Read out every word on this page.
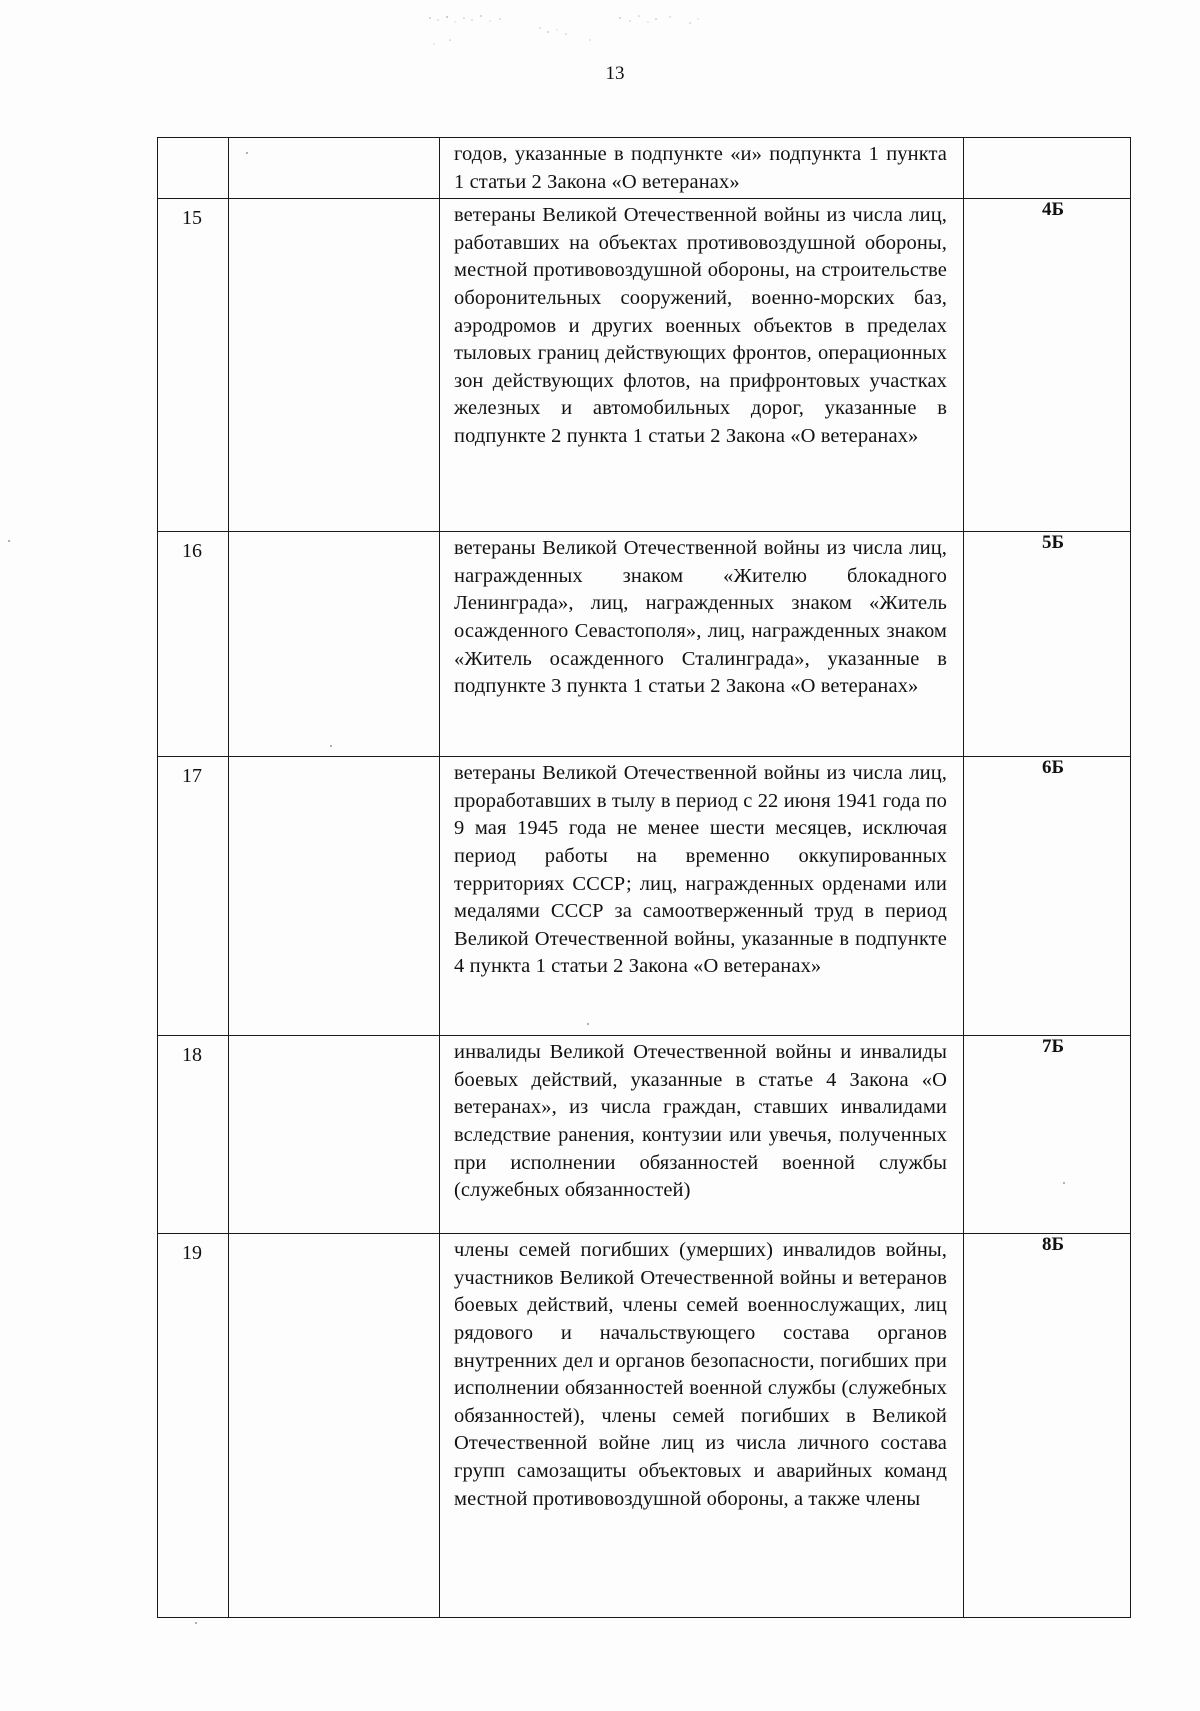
13

		годов, указанные в подпункте «и» подпункта 1 пункта 1 статьи 2 Закона «О ветеранах»	

15		ветераны Великой Отечественной войны из числа лиц, работавших на объектах противовоздушной обороны, местной противовоздушной обороны, на строительстве оборонительных сооружений, военно-морских баз, аэродромов и других военных объектов в пределах тыловых границ действующих фронтов, операционных зон действующих флотов, на прифронтовых участках железных и автомобильных дорог, указанные в подпункте 2 пункта 1 статьи 2 Закона «О ветеранах»	4Б

16		ветераны Великой Отечественной войны из числа лиц, награжденных знаком «Жителю блокадного Ленинграда», лиц, награжденных знаком «Житель осажденного Севастополя», лиц, награжденных знаком «Житель осажденного Сталинграда», указанные в подпункте 3 пункта 1 статьи 2 Закона «О ветеранах»	5Б

17		ветераны Великой Отечественной войны из числа лиц, проработавших в тылу в период с 22 июня 1941 года по 9 мая 1945 года не менее шести месяцев, исключая период работы на временно оккупированных территориях СССР; лиц, награжденных орденами или медалями СССР за самоотверженный труд в период Великой Отечественной войны, указанные в подпункте 4 пункта 1 статьи 2 Закона «О ветеранах»	6Б

18		инвалиды Великой Отечественной войны и инвалиды боевых действий, указанные в статье 4 Закона «О ветеранах», из числа граждан, ставших инвалидами вследствие ранения, контузии или увечья, полученных при исполнении обязанностей военной службы (служебных обязанностей)	7Б

19		члены семей погибших (умерших) инвалидов войны, участников Великой Отечественной войны и ветеранов боевых действий, члены семей военнослужащих, лиц рядового и начальствующего состава органов внутренних дел и органов безопасности, погибших при исполнении обязанностей военной службы (служебных обязанностей), члены семей погибших в Великой Отечественной войне лиц из числа личного состава групп самозащиты объектовых и аварийных команд местной противовоздушной обороны, а также члены	8Б
